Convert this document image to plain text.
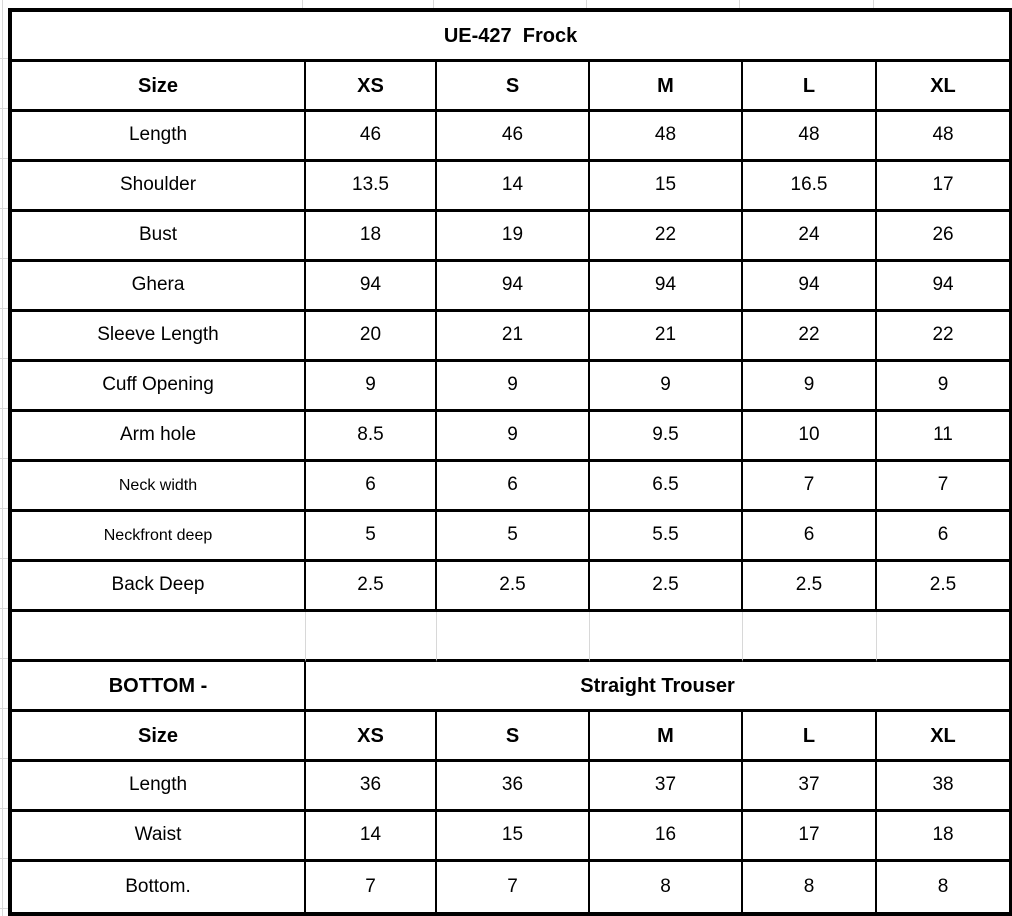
UE-427  Frock					
Size	XS	S	M	L	XL
Length	46	46	48	48	48
Shoulder	13.5	14	15	16.5	17
Bust	18	19	22	24	26
Ghera	94	94	94	94	94
Sleeve Length	20	21	21	22	22
Cuff Opening	9	9	9	9	9
Arm hole	8.5	9	9.5	10	11
Neck width	6	6	6.5	7	7
Neckfront deep	5	5	5.5	6	6
Back Deep	2.5	2.5	2.5	2.5	2.5

BOTTOM -	Straight Trouser				
Size	XS	S	M	L	XL
Length	36	36	37	37	38
Waist	14	15	16	17	18
Bottom.	7	7	8	8	8
